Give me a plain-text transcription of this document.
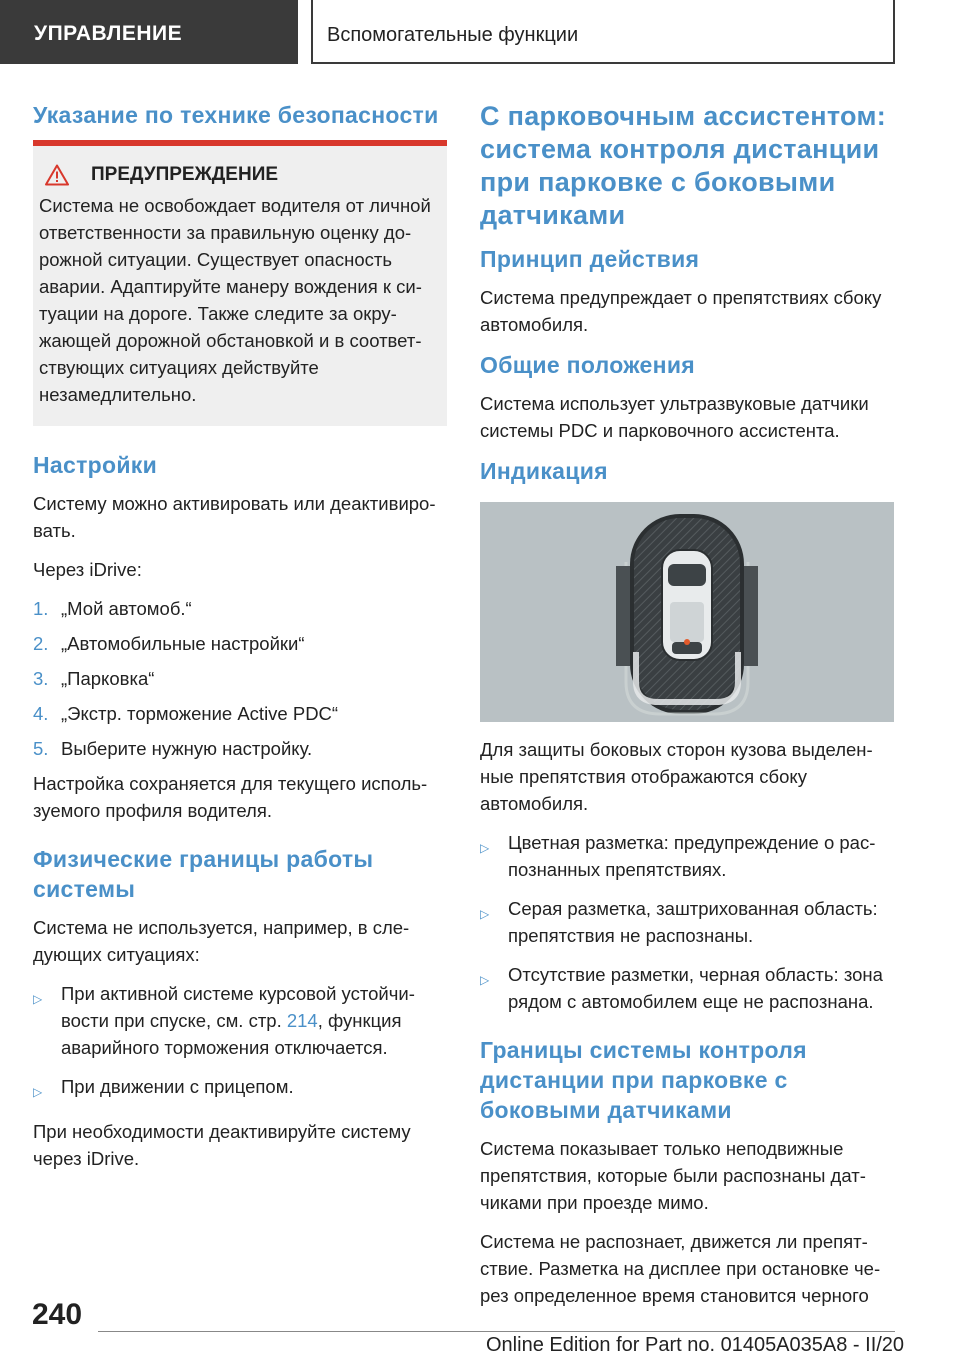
УПРАВЛЕНИЕ	Вспомогательные функции
Указание по технике безопасности
ПРЕДУПРЕЖДЕНИЕ

Система не освобождает водителя от личной ответственности за правильную оценку дорожной ситуации. Существует опасность аварии. Адаптируйте манеру вождения к ситуации на дороге. Также следите за окружающей дорожной обстановкой и в соответствующих ситуациях действуйте незамедлительно.

Настройки

Систему можно активировать или деактивировать.

Через iDrive:

1. „Мой автомоб.“
2. „Автомобильные настройки“
3. „Парковка“
4. „Экстр. торможение Active PDC“
5. Выберите нужную настройку.

Настройка сохраняется для текущего используемого профиля водителя.

Физические границы работы системы

Система не используется, например, в следующих ситуациях:

▷	При активной системе курсовой устойчивости при спуске, см. стр. 214, функция аварийного торможения отключается.
▷	При движении с прицепом.

При необходимости деактивируйте систему через iDrive.

С парковочным ассистентом: система контроля дистанции при парковке с боковыми датчиками
Принцип действия

Система предупреждает о препятствиях сбоку автомобиля.

Общие положения

Система использует ультразвуковые датчики системы PDC и парковочного ассистента.

Индикация

Для защиты боковых сторон кузова выделенные препятствия отображаются сбоку автомобиля.

▷	Цветная разметка: предупреждение о распознанных препятствиях.
▷	Серая разметка, заштрихованная область: препятствия не распознаны.
▷	Отсутствие разметки, черная область: зона рядом с автомобилем еще не распознана.
Границы системы контроля дистанции при парковке с боковыми датчиками

Система показывает только неподвижные препятствия, которые были распознаны датчиками при проезде мимо.

Система не распознает, движется ли препятствие. Разметка на дисплее при остановке через определенное время становится черного

240
Online Edition for Part no. 01405A035A8 - II/20
